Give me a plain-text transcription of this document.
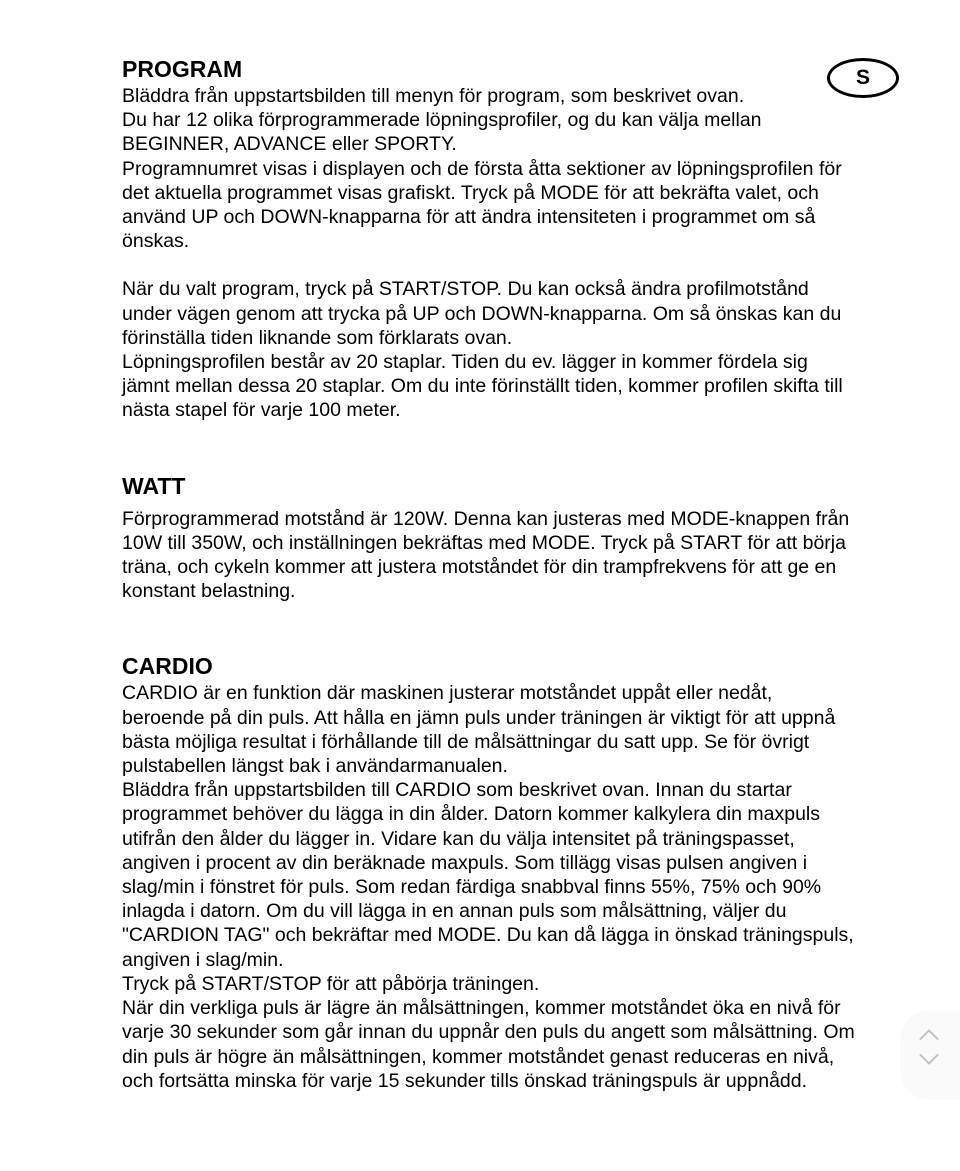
S
PROGRAM

Bläddra från uppstartsbilden till menyn för program, som beskrivet ovan.

Du har 12 olika förprogrammerade löpningsprofiler, og du kan välja mellan

BEGINNER, ADVANCE eller SPORTY.

Programnumret visas i displayen och de första åtta sektioner av löpningsprofilen för

det aktuella programmet visas grafiskt. Tryck på MODE för att bekräfta valet, och

använd UP och DOWN-knapparna för att ändra intensiteten i programmet om så

önskas.

När du valt program, tryck på START/STOP. Du kan också ändra profilmotstånd

under vägen genom att trycka på UP och DOWN-knapparna. Om så önskas kan du

förinställa tiden liknande som förklarats ovan.

Löpningsprofilen består av 20 staplar. Tiden du ev. lägger in kommer fördela sig

jämnt mellan dessa 20 staplar. Om du inte förinställt tiden, kommer profilen skifta till

nästa stapel för varje 100 meter.

WATT

Förprogrammerad motstånd är 120W. Denna kan justeras med MODE-knappen från

10W till 350W, och inställningen bekräftas med MODE. Tryck på START för att börja

träna, och cykeln kommer att justera motståndet för din trampfrekvens för att ge en

konstant belastning.

CARDIO

CARDIO är en funktion där maskinen justerar motståndet uppåt eller nedåt,

beroende på din puls. Att hålla en jämn puls under träningen är viktigt för att uppnå

bästa möjliga resultat i förhållande till de målsättningar du satt upp. Se för övrigt

pulstabellen längst bak i användarmanualen.

Bläddra från uppstartsbilden till CARDIO som beskrivet ovan. Innan du startar

programmet behöver du lägga in din ålder. Datorn kommer kalkylera din maxpuls

utifrån den ålder du lägger in. Vidare kan du välja intensitet på träningspasset,

angiven i procent av din beräknade maxpuls. Som tillägg visas pulsen angiven i

slag/min i fönstret för puls. Som redan färdiga snabbval finns 55%, 75% och 90%

inlagda i datorn. Om du vill lägga in en annan puls som målsättning, väljer du

"CARDION TAG" och bekräftar med MODE. Du kan då lägga in önskad träningspuls,

angiven i slag/min.

Tryck på START/STOP för att påbörja träningen.

När din verkliga puls är lägre än målsättningen, kommer motståndet öka en nivå för

varje 30 sekunder som går innan du uppnår den puls du angett som målsättning. Om

din puls är högre än målsättningen, kommer motståndet genast reduceras en nivå,

och fortsätta minska för varje 15 sekunder tills önskad träningspuls är uppnådd.
